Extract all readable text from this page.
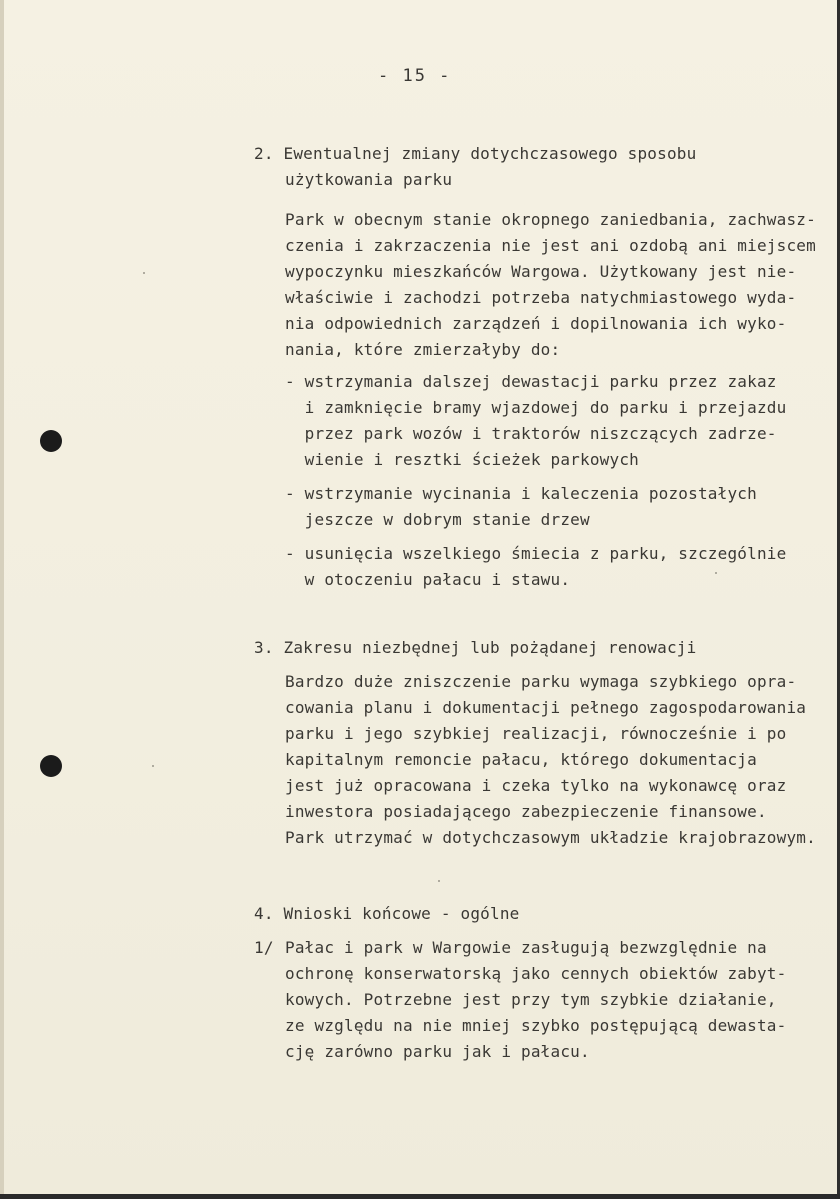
- 15 -
2. Ewentualnej zmiany dotychczasowego sposobu
użytkowania parku
Park w obecnym stanie okropnego zaniedbania, zachwasz-
czenia i zakrzaczenia nie jest ani ozdobą ani miejscem
wypoczynku mieszkańców Wargowa. Użytkowany jest nie-
właściwie i zachodzi potrzeba natychmiastowego wyda-
nia odpowiednich zarządzeń i dopilnowania ich wyko-
nania, które zmierzałyby do:
- wstrzymania dalszej dewastacji parku przez zakaz
i zamknięcie bramy wjazdowej do parku i przejazdu
przez park wozów i traktorów niszczących zadrze-
wienie i resztki ścieżek parkowych
- wstrzymanie wycinania i kaleczenia pozostałych
jeszcze w dobrym stanie drzew
- usunięcia wszelkiego śmiecia z parku, szczególnie
w otoczeniu pałacu i stawu.
3. Zakresu niezbędnej lub pożądanej renowacji
Bardzo duże zniszczenie parku wymaga szybkiego opra-
cowania planu i dokumentacji pełnego zagospodarowania
parku i jego szybkiej realizacji, równocześnie i po
kapitalnym remoncie pałacu, którego dokumentacja
jest już opracowana i czeka tylko na wykonawcę oraz
inwestora posiadającego zabezpieczenie finansowe.
Park utrzymać w dotychczasowym układzie krajobrazowym.
4. Wnioski końcowe - ogólne
1/ Pałac i park w Wargowie zasługują bezwzględnie na
ochronę konserwatorską jako cennych obiektów zabyt-
kowych. Potrzebne jest przy tym szybkie działanie,
ze względu na nie mniej szybko postępującą dewasta-
cję zarówno parku jak i pałacu.
